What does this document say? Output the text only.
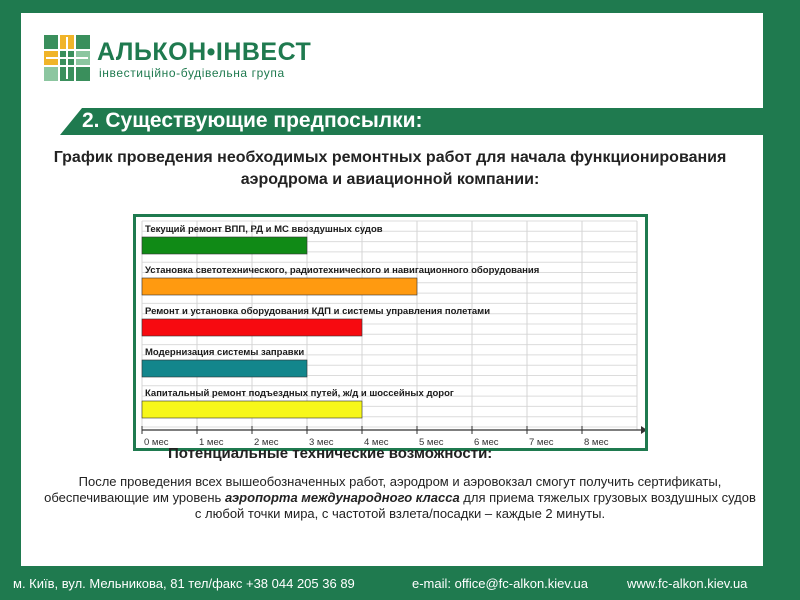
АЛЬКОН•ІНВЕСТ
інвестиційно-будівельна група
2. Существующие предпосылки:
График проведения необходимых ремонтных работ для начала функционирования аэродрома и авиационной компании:
Текущий ремонт ВПП, РД и МС ввоздушных судов
Установка светотехнического, радиотехнического и навигационного оборудования
Ремонт и установка оборудования КДП и системы управления полетами
Модернизация системы заправки
Капитальный ремонт подъездных путей, ж/д и шоссейных дорог
0 мес	1 мес	2 мес	3 мес	4 мес	5 мес	6 мес	7 мес	8 мес
Потенциальные технические возможности:
После проведения всех вышеобозначенных работ, аэродром и аэровокзал смогут получить сертификаты, обеспечивающие им уровень аэропорта международного класса для приема тяжелых грузовых воздушных судов с любой точки мира, с частотой взлета/посадки – каждые 2 минуты.
м. Київ, вул. Мельникова, 81 тел/факс +38 044 205 36 89	e-mail: office@fc-alkon.kiev.ua	www.fc-alkon.kiev.ua
